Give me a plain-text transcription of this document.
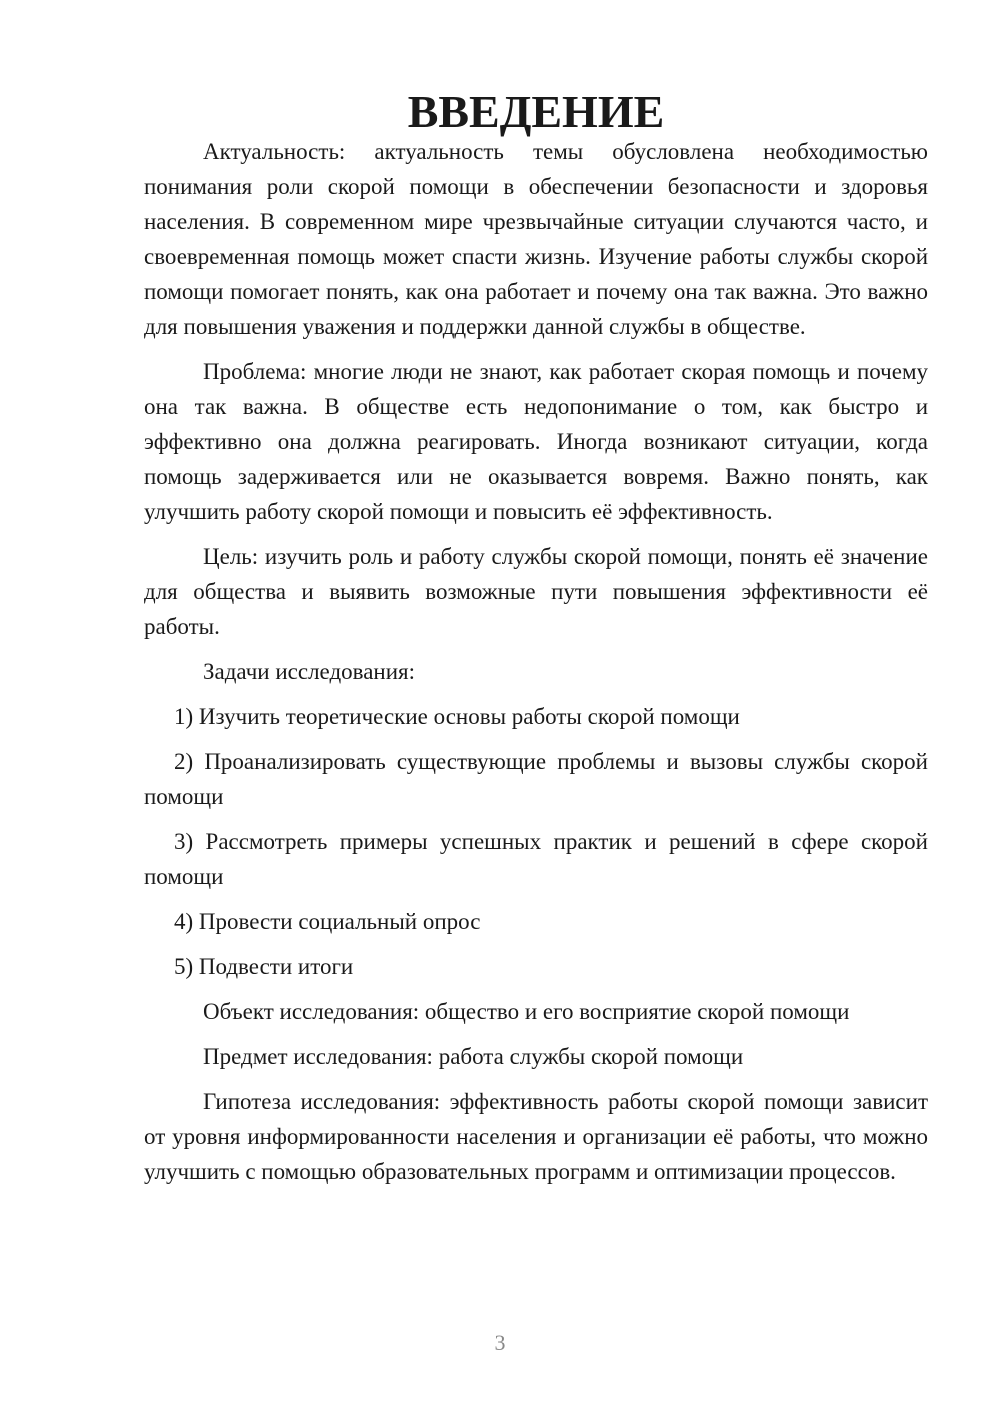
ВВЕДЕНИЕ

Актуальность: актуальность темы обусловлена необходимостью понимания роли скорой помощи в обеспечении безопасности и здоровья населения. В современном мире чрезвычайные ситуации случаются часто, и своевременная помощь может спасти жизнь. Изучение работы службы скорой помощи помогает понять, как она работает и почему она так важна. Это важно для повышения уважения и поддержки данной службы в обществе.

Проблема: многие люди не знают, как работает скорая помощь и почему она так важна. В обществе есть недопонимание о том, как быстро и эффективно она должна реагировать. Иногда возникают ситуации, когда помощь задерживается или не оказывается вовремя. Важно понять, как улучшить работу скорой помощи и повысить её эффективность.

Цель: изучить роль и работу службы скорой помощи, понять её значение для общества и выявить возможные пути повышения эффективности её работы.

Задачи исследования:

1) Изучить теоретические основы работы скорой помощи

2) Проанализировать существующие проблемы и вызовы службы скорой помощи

3) Рассмотреть примеры успешных практик и решений в сфере скорой помощи

4) Провести социальный опрос

5) Подвести итоги

Объект исследования: общество и его восприятие скорой помощи

Предмет исследования: работа службы скорой помощи

Гипотеза исследования: эффективность работы скорой помощи зависит от уровня информированности населения и организации её работы, что можно улучшить с помощью образовательных программ и оптимизации процессов.

3
